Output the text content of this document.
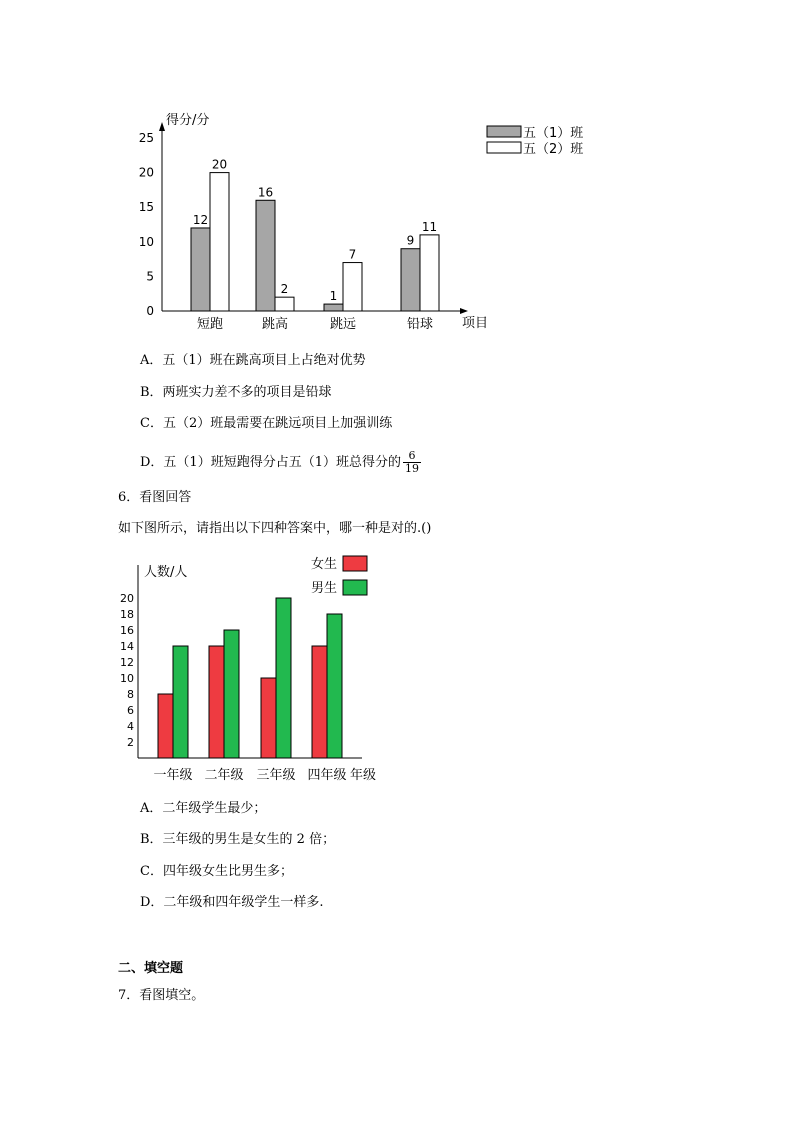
得分/分
项目
0
5
10
15
20
25
12
20
短跑
16
2
跳高
1
7
跳远
9
11
铅球
五（1）班
五（2）班
A．五（1）班在跳高项目上占绝对优势
B．两班实力差不多的项目是铅球
C．五（2）班最需要在跳远项目上加强训练
D．五（1）班短跑得分占五（1）班总得分的 $\frac{6}{19}$
6．看图回答
如下图所示，请指出以下四种答案中，哪一种是对的.()
人数/人
年级
2
4
6
8
10
12
14
16
18
20
一年级 二年级 三年级 四年级
女生
男生
A．二年级学生最少；
B．三年级的男生是女生的 2 倍；
C．四年级女生比男生多；
D．二年级和四年级学生一样多.
二、填空题
7．看图填空。
